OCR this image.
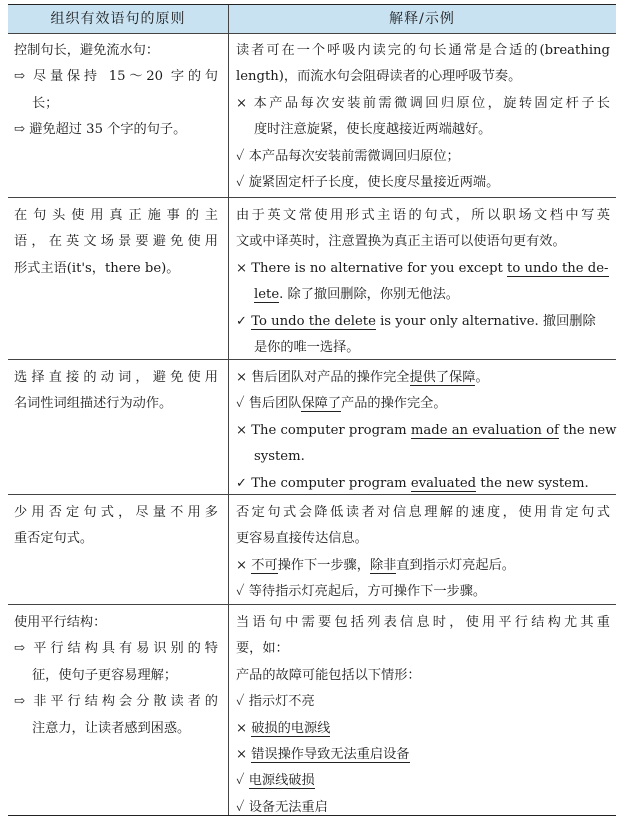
组织有效语句的原则	解释/示例
控制句长，避免流水句：
⇨ 尽量保持 15～20 字的句
长；
⇨ 避免超过 35 个字的句子。
读者可在一个呼吸内读完的句长通常是合适的(breathing
length)，而流水句会阻碍读者的心理呼吸节奏。
× 本产品每次安装前需微调回归原位，旋转固定杆子长
度时注意旋紧，使长度越接近两端越好。
✓ 本产品每次安装前需微调回归原位；
✓ 旋紧固定杆子长度，使长度尽量接近两端。
在句头使用真正施事的主
语，在英文场景要避免使用
形式主语(it's，there be)。
由于英文常使用形式主语的句式，所以职场文档中写英
文或中译英时，注意置换为真正主语可以使语句更有效。
× There is no alternative for you except to undo the de-
lete. 除了撤回删除，你别无他法。
✓ To undo the delete is your only alternative. 撤回删除
是你的唯一选择。
选择直接的动词，避免使用
名词性词组描述行为动作。
× 售后团队对产品的操作完全提供了保障。
✓ 售后团队保障了产品的操作完全。
× The computer program made an evaluation of the new
system.
✓ The computer program evaluated the new system.
少用否定句式，尽量不用多
重否定句式。
否定句式会降低读者对信息理解的速度，使用肯定句式
更容易直接传达信息。
× 不可操作下一步骤，除非直到指示灯亮起后。
✓ 等待指示灯亮起后，方可操作下一步骤。
使用平行结构：
⇨ 平行结构具有易识别的特
征，使句子更容易理解；
⇨ 非平行结构会分散读者的
注意力，让读者感到困惑。
当语句中需要包括列表信息时，使用平行结构尤其重
要，如：
产品的故障可能包括以下情形：
✓ 指示灯不亮
× 破损的电源线
× 错误操作导致无法重启设备
✓ 电源线破损
✓ 设备无法重启
